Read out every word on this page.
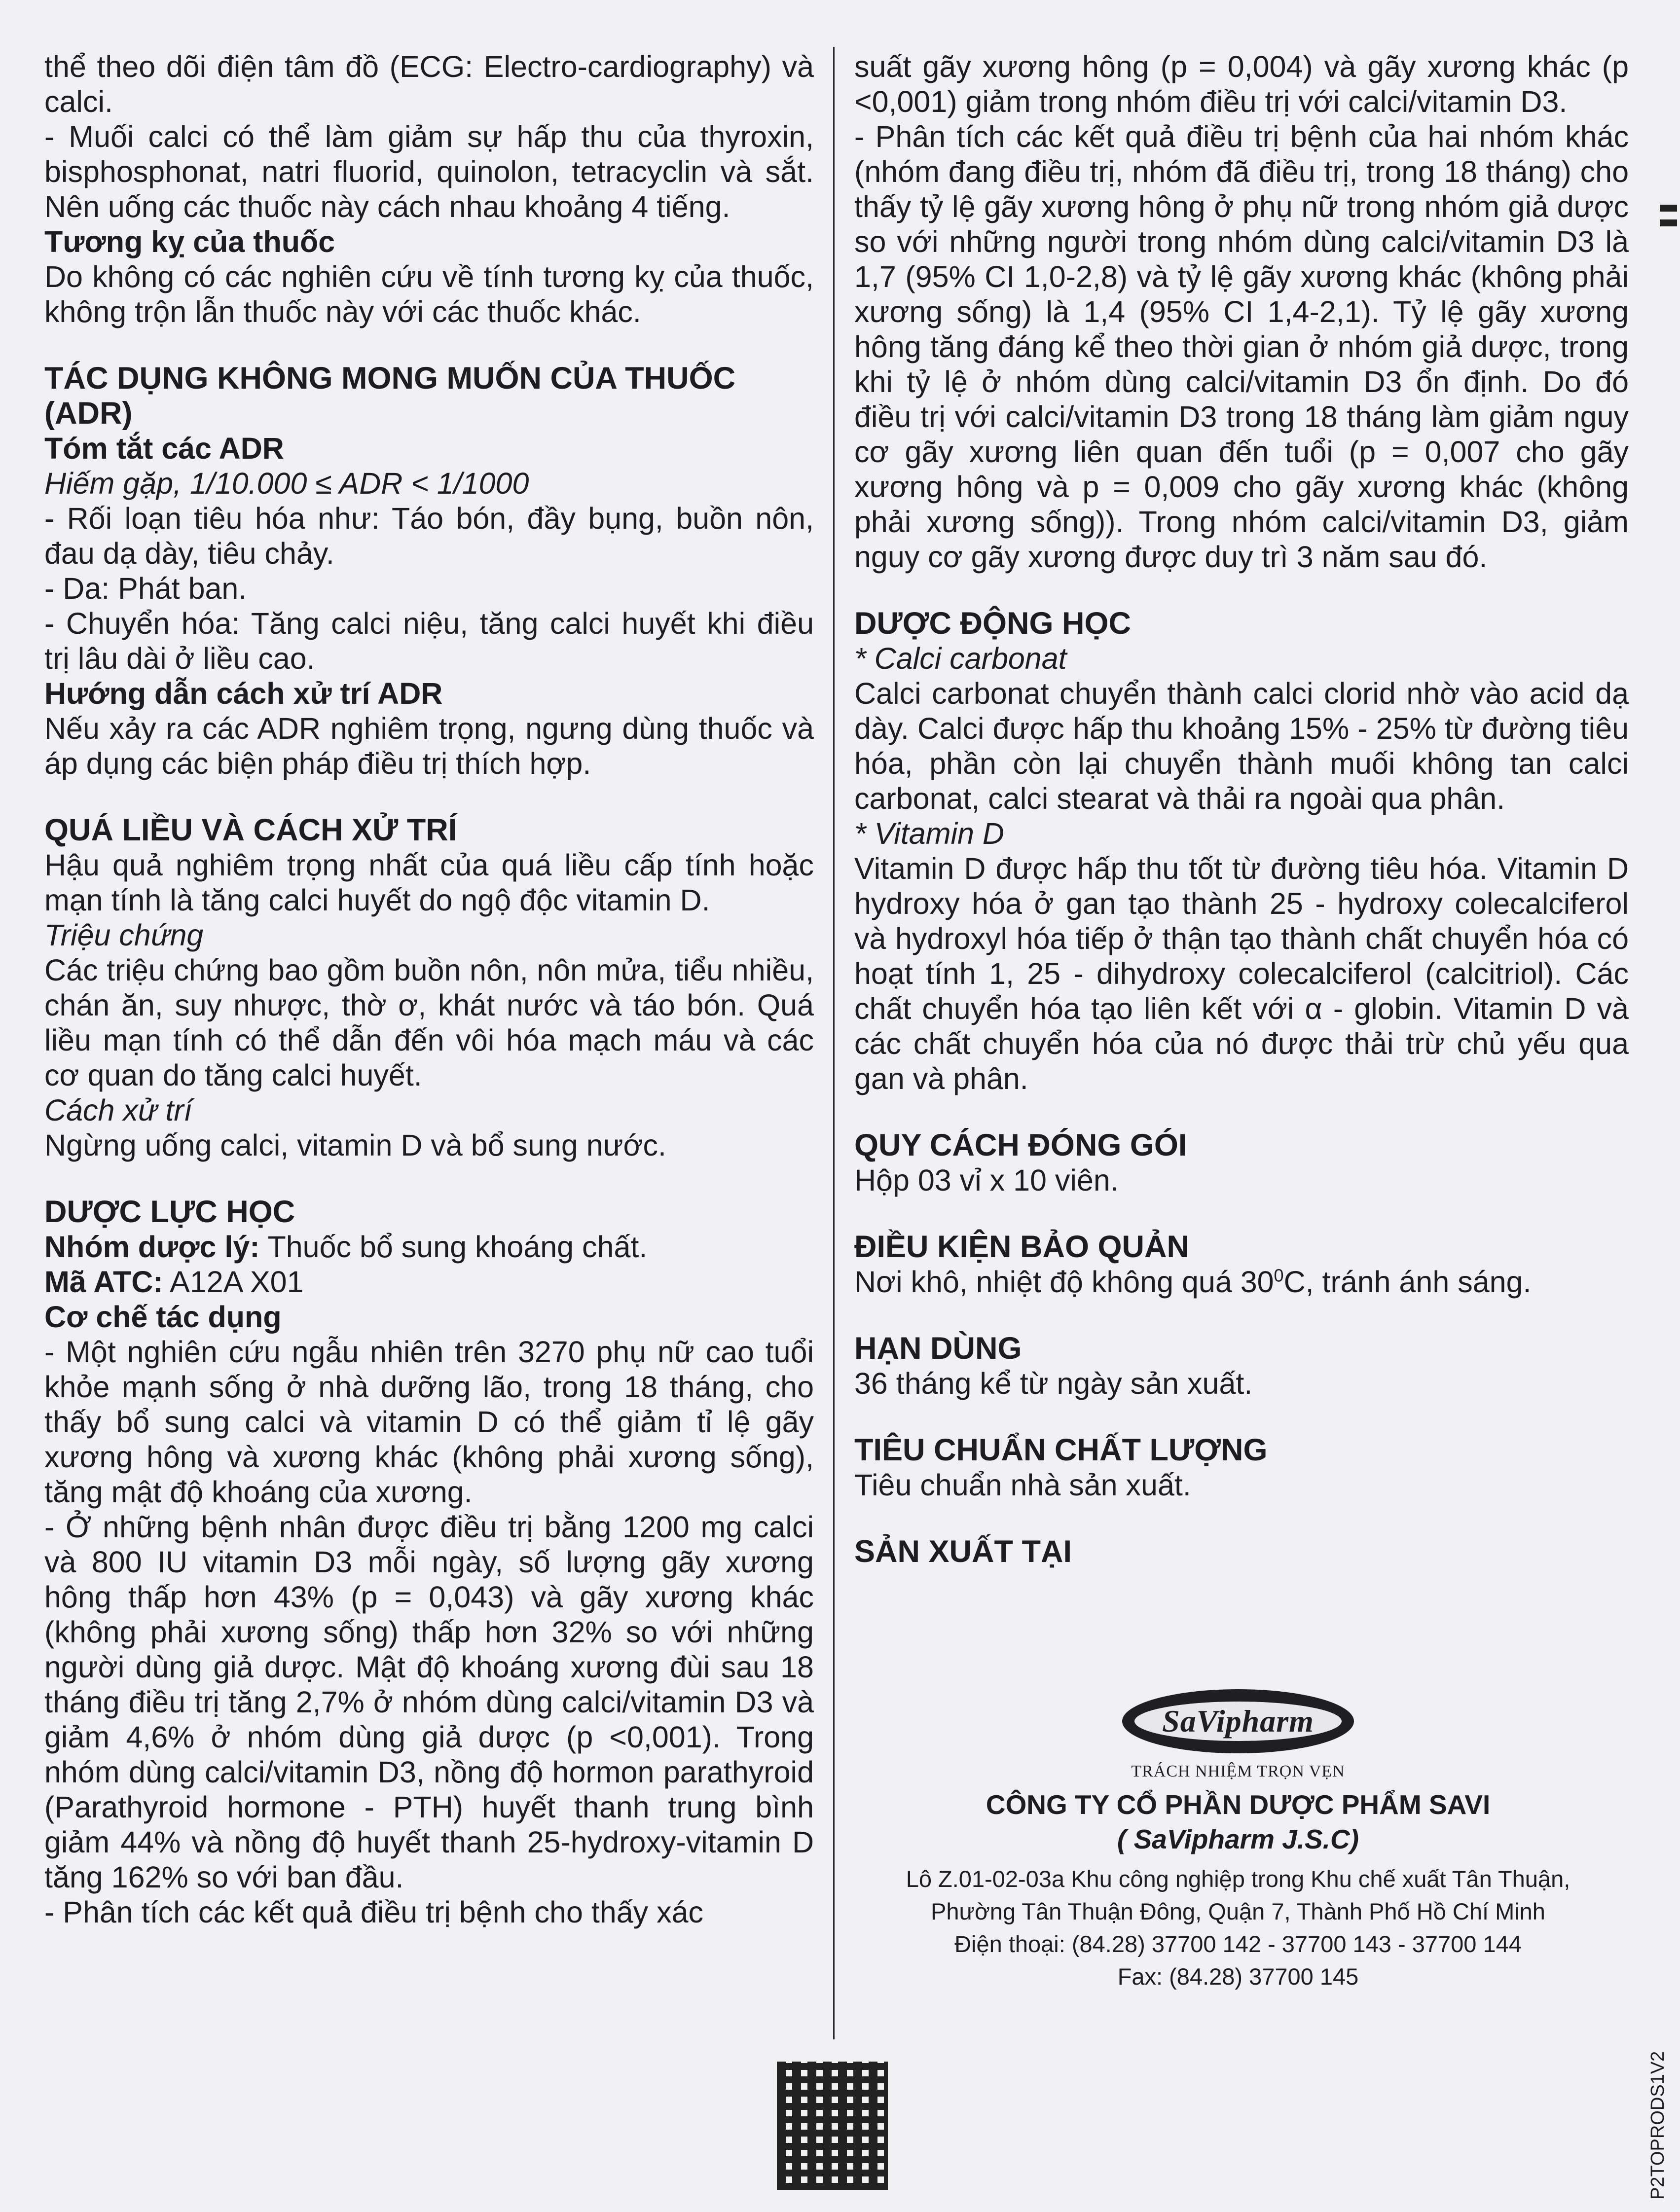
thể theo dõi điện tâm đồ (ECG: Electro-cardiography) và calci.

- Muối calci có thể làm giảm sự hấp thu của thyroxin, bisphosphonat, natri fluorid, quinolon, tetracyclin và sắt. Nên uống các thuốc này cách nhau khoảng 4 tiếng.

Tương kỵ của thuốc

Do không có các nghiên cứu về tính tương kỵ của thuốc, không trộn lẫn thuốc này với các thuốc khác.

TÁC DỤNG KHÔNG MONG MUỐN CỦA THUỐC (ADR)

Tóm tắt các ADR

Hiếm gặp, 1/10.000 ≤ ADR < 1/1000

- Rối loạn tiêu hóa như: Táo bón, đầy bụng, buồn nôn, đau dạ dày, tiêu chảy.

- Da: Phát ban.

- Chuyển hóa: Tăng calci niệu, tăng calci huyết khi điều trị lâu dài ở liều cao.

Hướng dẫn cách xử trí ADR

Nếu xảy ra các ADR nghiêm trọng, ngưng dùng thuốc và áp dụng các biện pháp điều trị thích hợp.

QUÁ LIỀU VÀ CÁCH XỬ TRÍ

Hậu quả nghiêm trọng nhất của quá liều cấp tính hoặc mạn tính là tăng calci huyết do ngộ độc vitamin D.

Triệu chứng

Các triệu chứng bao gồm buồn nôn, nôn mửa, tiểu nhiều, chán ăn, suy nhược, thờ ơ, khát nước và táo bón. Quá liều mạn tính có thể dẫn đến vôi hóa mạch máu và các cơ quan do tăng calci huyết.

Cách xử trí

Ngừng uống calci, vitamin D và bổ sung nước.

DƯỢC LỰC HỌC

Nhóm dược lý: Thuốc bổ sung khoáng chất.

Mã ATC: A12A X01

Cơ chế tác dụng

- Một nghiên cứu ngẫu nhiên trên 3270 phụ nữ cao tuổi khỏe mạnh sống ở nhà dưỡng lão, trong 18 tháng, cho thấy bổ sung calci và vitamin D có thể giảm tỉ lệ gãy xương hông và xương khác (không phải xương sống), tăng mật độ khoáng của xương.

- Ở những bệnh nhân được điều trị bằng 1200 mg calci và 800 IU vitamin D3 mỗi ngày, số lượng gãy xương hông thấp hơn 43% (p = 0,043) và gãy xương khác (không phải xương sống) thấp hơn 32% so với những người dùng giả dược. Mật độ khoáng xương đùi sau 18 tháng điều trị tăng 2,7% ở nhóm dùng calci/vitamin D3 và giảm 4,6% ở nhóm dùng giả dược (p <0,001). Trong nhóm dùng calci/vitamin D3, nồng độ hormon parathyroid (Parathyroid hormone - PTH) huyết thanh trung bình giảm 44% và nồng độ huyết thanh 25-hydroxy-vitamin D tăng 162% so với ban đầu.

- Phân tích các kết quả điều trị bệnh cho thấy xác

suất gãy xương hông (p = 0,004) và gãy xương khác (p <0,001) giảm trong nhóm điều trị với calci/vitamin D3.

- Phân tích các kết quả điều trị bệnh của hai nhóm khác (nhóm đang điều trị, nhóm đã điều trị, trong 18 tháng) cho thấy tỷ lệ gãy xương hông ở phụ nữ trong nhóm giả dược so với những người trong nhóm dùng calci/vitamin D3 là 1,7 (95% CI 1,0-2,8) và tỷ lệ gãy xương khác (không phải xương sống) là 1,4 (95% CI 1,4-2,1). Tỷ lệ gãy xương hông tăng đáng kể theo thời gian ở nhóm giả dược, trong khi tỷ lệ ở nhóm dùng calci/vitamin D3 ổn định. Do đó điều trị với calci/vitamin D3 trong 18 tháng làm giảm nguy cơ gãy xương liên quan đến tuổi (p = 0,007 cho gãy xương hông và p = 0,009 cho gãy xương khác (không phải xương sống)). Trong nhóm calci/vitamin D3, giảm nguy cơ gãy xương được duy trì 3 năm sau đó.

DƯỢC ĐỘNG HỌC

* Calci carbonat

Calci carbonat chuyển thành calci clorid nhờ vào acid dạ dày. Calci được hấp thu khoảng 15% - 25% từ đường tiêu hóa, phần còn lại chuyển thành muối không tan calci carbonat, calci stearat và thải ra ngoài qua phân.

* Vitamin D

Vitamin D được hấp thu tốt từ đường tiêu hóa. Vitamin D hydroxy hóa ở gan tạo thành 25 - hydroxy colecalciferol và hydroxyl hóa tiếp ở thận tạo thành chất chuyển hóa có hoạt tính 1, 25 - dihydroxy colecalciferol (calcitriol). Các chất chuyển hóa tạo liên kết với α - globin. Vitamin D và các chất chuyển hóa của nó được thải trừ chủ yếu qua gan và phân.

QUY CÁCH ĐÓNG GÓI

Hộp 03 vỉ x 10 viên.

ĐIỀU KIỆN BẢO QUẢN

Nơi khô, nhiệt độ không quá $30^0C$, tránh ánh sáng.

HẠN DÙNG

36 tháng kể từ ngày sản xuất.

TIÊU CHUẨN CHẤT LƯỢNG

Tiêu chuẩn nhà sản xuất.

SẢN XUẤT TẠI

SaVipharm
TRÁCH NHIỆM TRỌN VẸN
CÔNG TY CỔ PHẦN DƯỢC PHẨM SAVI
( SaVipharm J.S.C)
Lô Z.01-02-03a Khu công nghiệp trong Khu chế xuất Tân Thuận,
Phường Tân Thuận Đông, Quận 7, Thành Phố Hồ Chí Minh
Điện thoại: (84.28) 37700 142 - 37700 143 - 37700 144
Fax: (84.28) 37700 145
P2TOPRODS1V2
